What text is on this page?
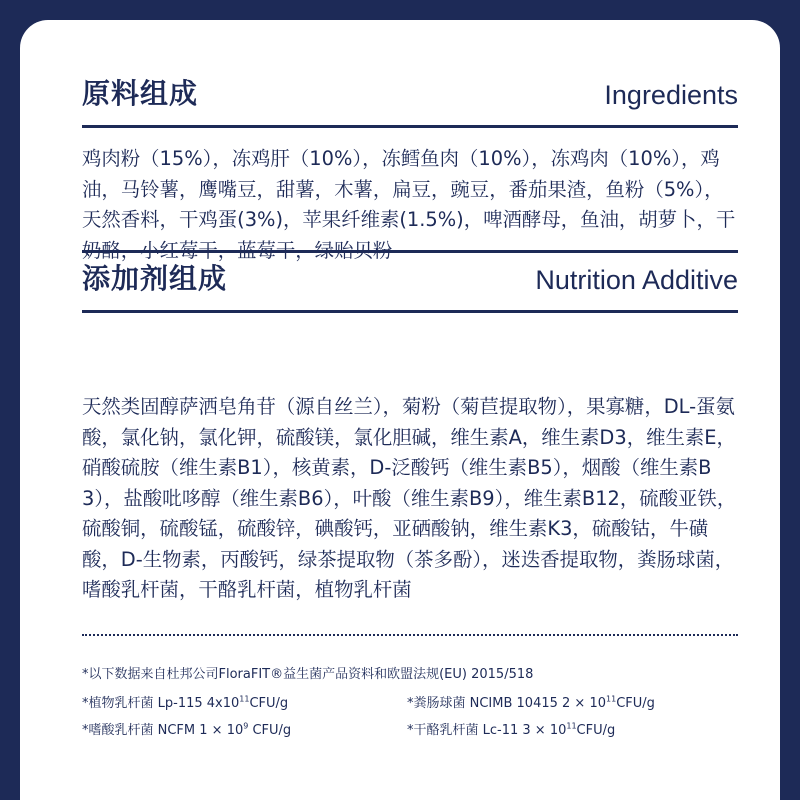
原料组成	Ingredients
鸡肉粉（15%），冻鸡肝（10%），冻鳕鱼肉（10%），冻鸡肉（10%），鸡油，马铃薯，鹰嘴豆，甜薯，木薯，扁豆，豌豆，番茄果渣，鱼粉（5%），天然香料，干鸡蛋(3%)，苹果纤维素(1.5%)，啤酒酵母，鱼油，胡萝卜，干奶酪，小红莓干，蓝莓干，绿贻贝粉
添加剂组成	Nutrition Additive
天然类固醇萨洒皂角苷（源自丝兰），菊粉（菊苣提取物），果寡糖，DL-蛋氨酸，氯化钠，氯化钾，硫酸镁，氯化胆碱，维生素A，维生素D3，维生素E，硝酸硫胺（维生素B1），核黄素，D-泛酸钙（维生素B5），烟酸（维生素B3），盐酸吡哆醇（维生素B6），叶酸（维生素B9），维生素B12，硫酸亚铁，硫酸铜，硫酸锰，硫酸锌，碘酸钙，亚硒酸钠，维生素K3，硫酸钴，牛磺酸，D-生物素，丙酸钙，绿茶提取物（茶多酚），迷迭香提取物，粪肠球菌，嗜酸乳杆菌，干酪乳杆菌，植物乳杆菌
*以下数据来自杜邦公司FloraFIT®益生菌产品资料和欧盟法规(EU) 2015/518
*植物乳杆菌 Lp-115 $4x10^{11}CFU/g$	*粪肠球菌 NCIMB 10415 $2 \times 10^{11}CFU/g$
*嗜酸乳杆菌 NCFM $1 \times 10^9$ CFU/g	*干酪乳杆菌 Lc-11 $3 \times 10^{11}CFU/g$
